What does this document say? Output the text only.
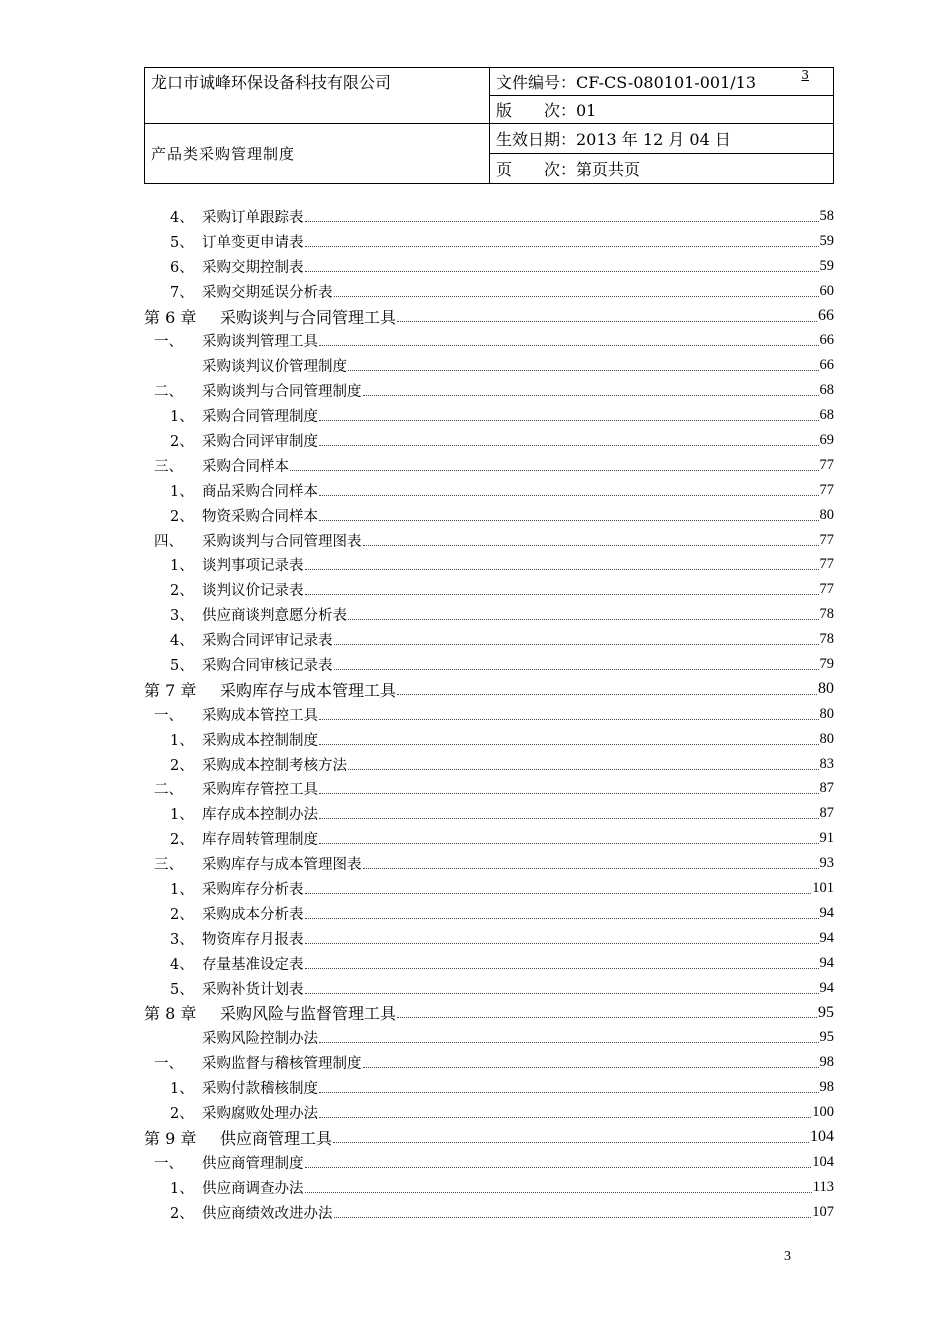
龙口市诚峰环保设备科技有限公司	文件编号：CF-CS-080101-001/13 3

	版　　次：01
产品类采购管理制度	生效日期：2013 年 12 月 04 日
	页　　次：第页共页
4、 采购订单跟踪表	58
5、 订单变更申请表	59
6、 采购交期控制表	59
7、 采购交期延误分析表	60
第 6 章	采购谈判与合同管理工具	66
一、	采购谈判管理工具	66
采购谈判议价管理制度	66
二、	采购谈判与合同管理制度	68
1、 采购合同管理制度	68
2、 采购合同评审制度	69
三、	采购合同样本	77
1、 商品采购合同样本	77
2、 物资采购合同样本	80
四、	采购谈判与合同管理图表	77
1、 谈判事项记录表	77
2、 谈判议价记录表	77
3、 供应商谈判意愿分析表	78
4、 采购合同评审记录表	78
5、 采购合同审核记录表	79
第 7 章	采购库存与成本管理工具	80
一、	采购成本管控工具	80
1、 采购成本控制制度	80
2、 采购成本控制考核方法	83
二、	采购库存管控工具	87
1、 库存成本控制办法	87
2、 库存周转管理制度	91
三、	采购库存与成本管理图表	93
1、 采购库存分析表	101
2、 采购成本分析表	94
3、 物资库存月报表	94
4、 存量基准设定表	94
5、 采购补货计划表	94
第 8 章	采购风险与监督管理工具	95
采购风险控制办法	95
一、	采购监督与稽核管理制度	98
1、 采购付款稽核制度	98
2、 采购腐败处理办法	100
第 9 章	供应商管理工具	104
一、	供应商管理制度	104
1、 供应商调查办法	113
2、 供应商绩效改进办法	107
3
